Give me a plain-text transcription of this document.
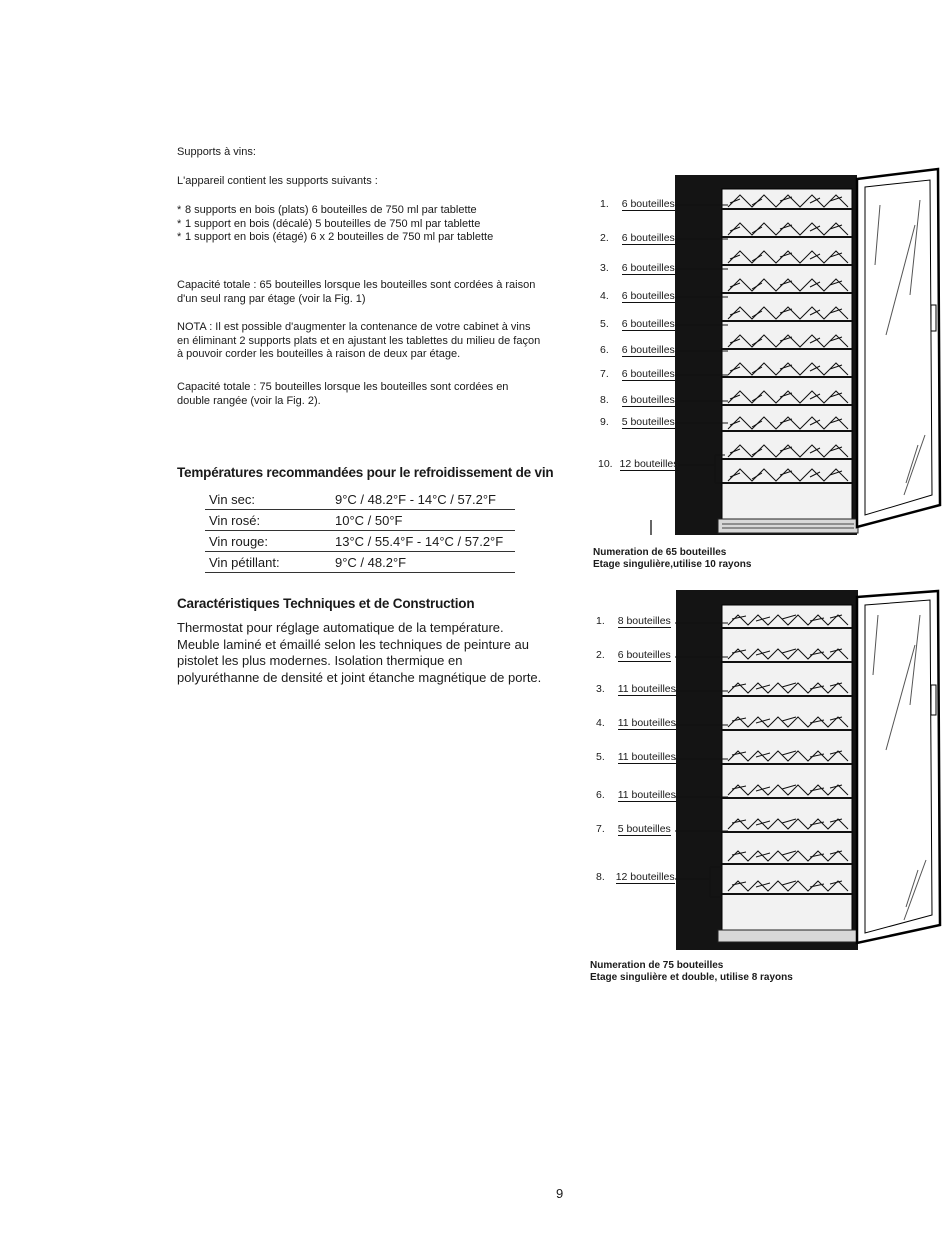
Supports à vins:
L'appareil contient les supports suivants :
* 8 supports en bois (plats) 6 bouteilles de 750 ml par tablette
* 1 support en bois (décalé) 5 bouteilles de 750 ml par tablette
* 1 support en bois (étagé) 6 x 2 bouteilles de 750 ml par tablette
Capacité totale : 65 bouteilles lorsque les bouteilles sont cordées à raison d'un seul rang par étage (voir la Fig. 1)
NOTA : Il est possible d'augmenter la contenance de votre cabinet à vins en éliminant 2 supports plats et en ajustant les tablettes du milieu de façon à pouvoir corder les bouteilles à raison de deux par étage.
Capacité totale : 75 bouteilles lorsque les bouteilles sont cordées en double rangée (voir la Fig. 2).
Températures recommandées pour le refroidissement de vin
Vin sec:	9°C / 48.2°F - 14°C / 57.2°F
Vin rosé:	10°C / 50°F
Vin rouge:	13°C / 55.4°F - 14°C / 57.2°F
Vin pétillant:	9°C / 48.2°F
Caractéristiques Techniques et de Construction
Thermostat pour réglage automatique de la température. Meuble laminé et émaillé selon les techniques de peinture au pistolet les plus modernes. Isolation thermique en polyuréthanne de densité et joint étanche magnétique de porte.
1. 6 bouteilles
2. 6 bouteilles
3. 6 bouteilles
4. 6 bouteilles
5. 6 bouteilles
6. 6 bouteilles
7. 6 bouteilles
8. 6 bouteilles
9. 5 bouteilles
10. 12 bouteilles
Numeration de 65 bouteilles
Etage singulière,utilise 10 rayons
1. 8 bouteilles
2. 6 bouteilles
3. 11 bouteilles
4. 11 bouteilles
5. 11 bouteilles
6. 11 bouteilles
7. 5 bouteilles
8. 12 bouteilles
Numeration de 75 bouteilles
Etage singulière et double, utilise 8 rayons
9
